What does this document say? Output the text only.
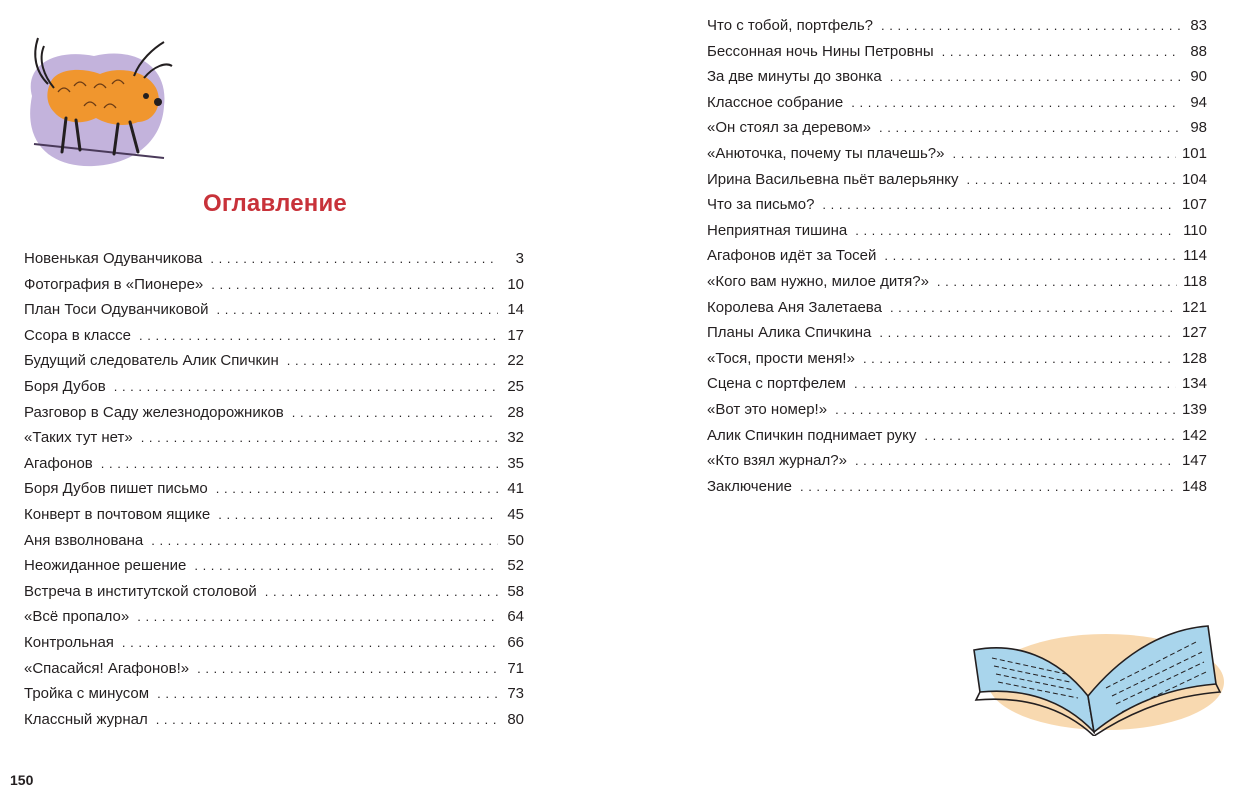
Оглавление
Новенькая Одуванчикова . . .	3
Фотография в «Пионере» . . .	10
План Тоси Одуванчиковой . . .	14
Ссора в классе . . .	17
Будущий следователь Алик Спичкин . . .	22
Боря Дубов . . .	25
Разговор в Саду железнодорожников . . .	28
«Таких тут нет» . . .	32
Агафонов . . .	35
Боря Дубов пишет письмо . . .	41
Конверт в почтовом ящике . . .	45
Аня взволнована . . .	50
Неожиданное решение . . .	52
Встреча в институтской столовой . . .	58
«Всё пропало» . . .	64
Контрольная . . .	66
«Спасайся! Агафонов!» . . .	71
Тройка с минусом . . .	73
Классный журнал . . .	80
Что с тобой, портфель? . . .	83
Бессонная ночь Нины Петровны . . .	88
За две минуты до звонка . . .	90
Классное собрание . . .	94
«Он стоял за деревом» . . .	98
«Анюточка, почему ты плачешь?» . . .	101
Ирина Васильевна пьёт валерьянку . . .	104
Что за письмо? . . .	107
Неприятная тишина . . .	110
Агафонов идёт за Тосей . . .	114
«Кого вам нужно, милое дитя?» . . .	118
Королева Аня Залетаева . . .	121
Планы Алика Спичкина . . .	127
«Тося, прости меня!» . . .	128
Сцена с портфелем . . .	134
«Вот это номер!» . . .	139
Алик Спичкин поднимает руку . . .	142
«Кто взял журнал?» . . .	147
Заключение . . .	148
150
